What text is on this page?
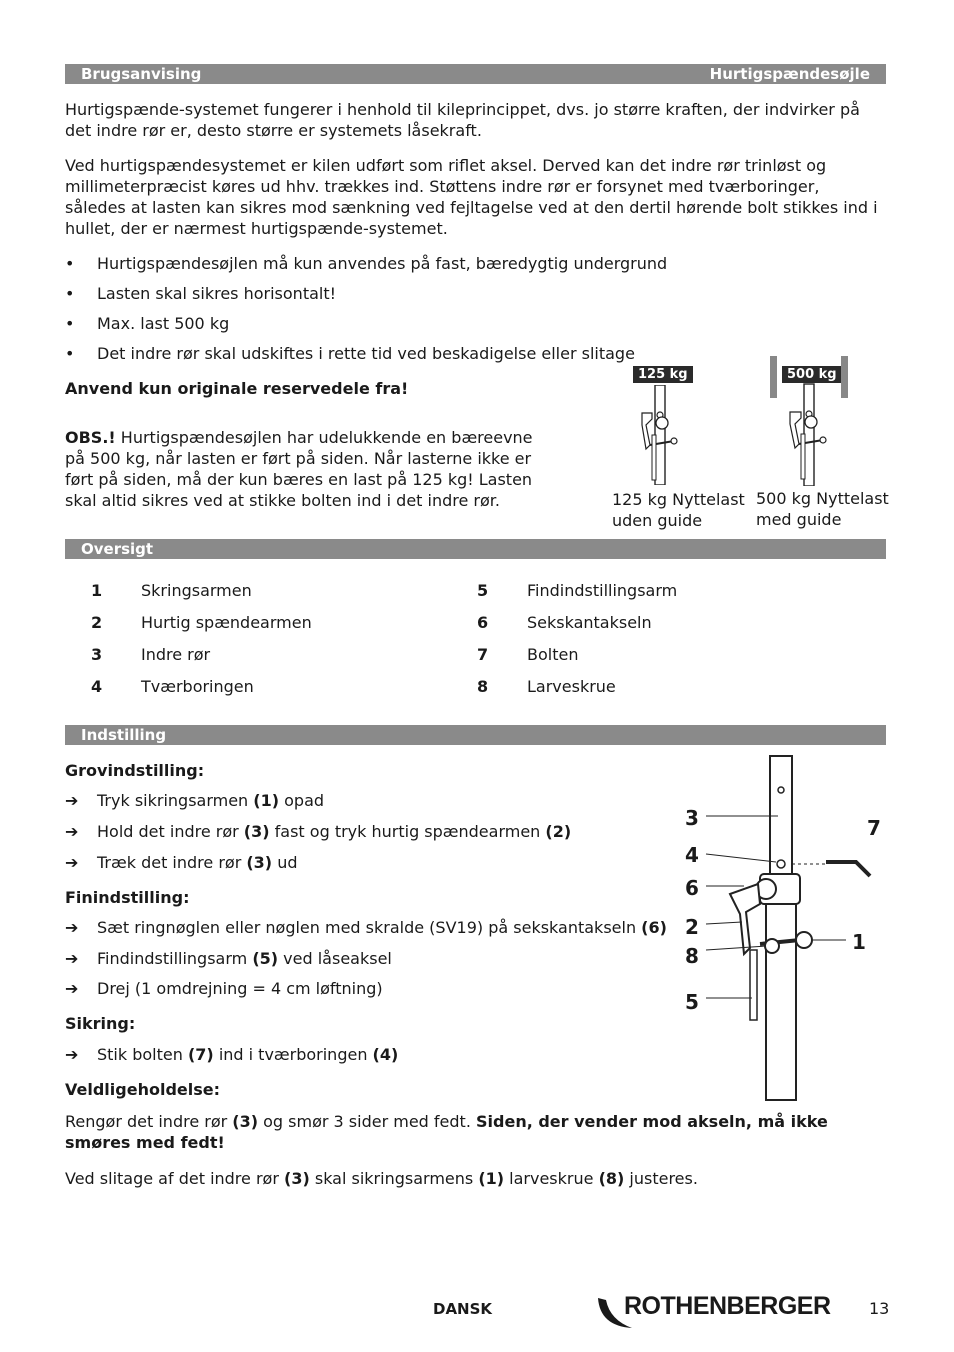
Brugsanvising	Hurtigspændesøjle
Hurtigspænde-systemet fungerer i henhold til kileprincippet, dvs. jo større kraften, der indvirker på det indre rør er, desto større er systemets låsekraft.
Ved hurtigspændesystemet er kilen udført som riflet aksel. Derved kan det indre rør trinløst og millimeterpræcist køres ud hhv. trækkes ind. Støttens indre rør er forsynet med tværboringer, således at lasten kan sikres mod sænkning ved fejltagelse ved at den dertil hørende bolt stikkes ind i hullet, der er nærmest hurtigspænde-systemet.
• Hurtigspændesøjlen må kun anvendes på fast, bæredygtig undergrund
• Lasten skal sikres horisontalt!
• Max. last 500 kg
• Det indre rør skal udskiftes i rette tid ved beskadigelse eller slitage
Anvend kun originale reservedele fra!
OBS.! Hurtigspændesøjlen har udelukkende en bæreevne på 500 kg, når lasten er ført på siden. Når lasterne ikke er ført på siden, må der kun bæres en last på 125 kg! Lasten skal altid sikres ved at stikke bolten ind i det indre rør.
125 kg
125 kg Nyttelast uden guide
500 kg
500 kg Nyttelast med guide
Oversigt
1 Skringsarmen
2 Hurtig spændearmen
3 Indre rør
4 Tværboringen
5 Findindstillingsarm
6 Sekskantakseln
7 Bolten
8 Larveskrue
Indstilling
Grovindstilling:
➔ Tryk sikringsarmen (1) opad
➔ Hold det indre rør (3) fast og tryk hurtig spændearmen (2)
➔ Træk det indre rør (3) ud
Finindstilling:
➔ Sæt ringnøglen eller nøglen med skralde (SV19) på sekskantakseln (6)
➔ Findindstillingsarm (5) ved låseaksel
➔ Drej (1 omdrejning = 4 cm løftning)
Sikring:
➔ Stik bolten (7) ind i tværboringen (4)
Veldligeholdelse:
Rengør det indre rør (3) og smør 3 sider med fedt. Siden, der vender mod akseln, må ikke smøres med fedt!
Ved slitage af det indre rør (3) skal sikringsarmens (1) larveskrue (8) justeres.
3
4
6
2
8
5
7
1
DANSK	ROTHENBERGER 13
